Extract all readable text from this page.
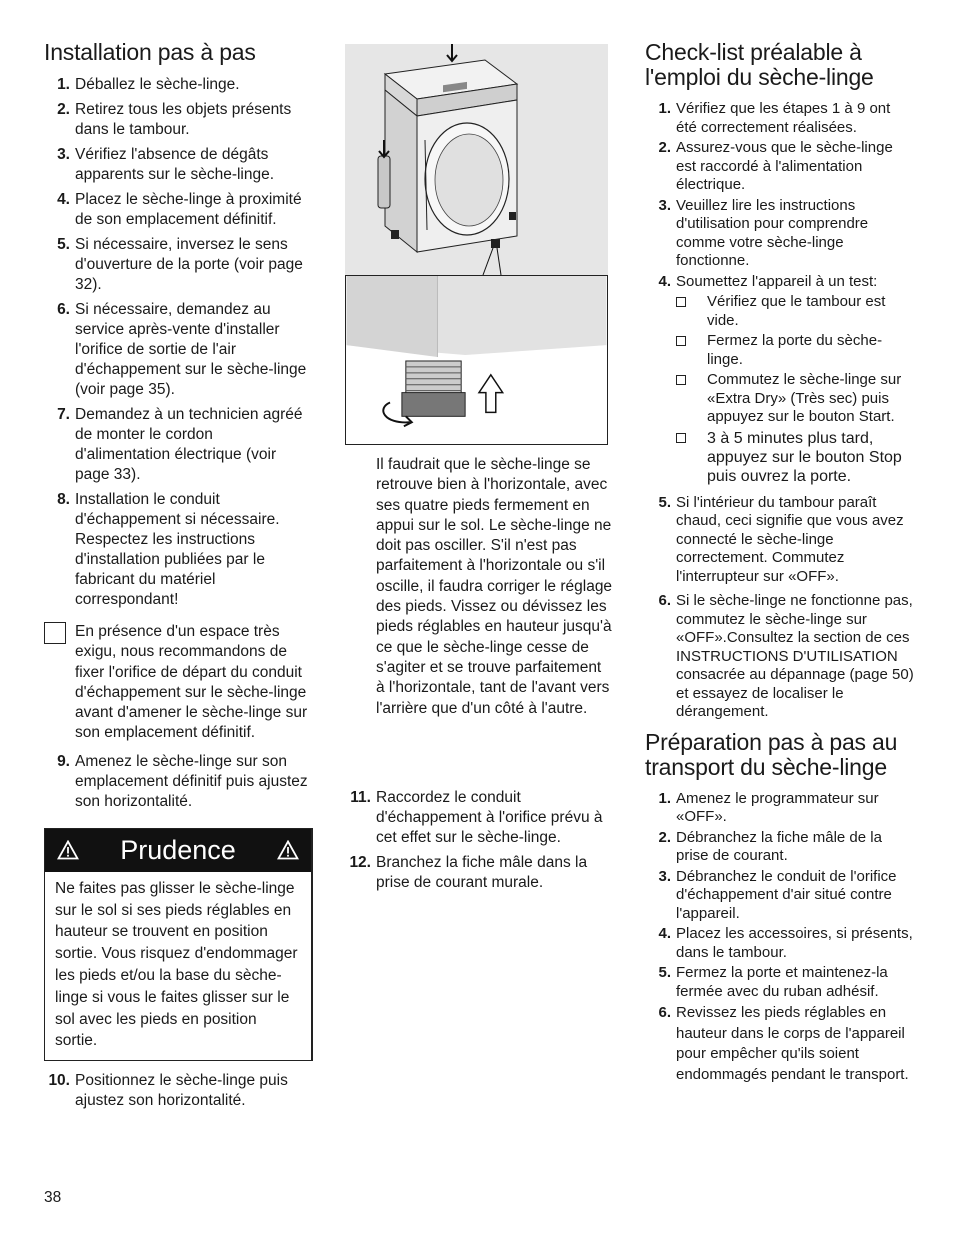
Installation pas à pas
1. Déballez le sèche-linge.
2. Retirez tous les objets présents dans le tambour.
3. Vérifiez l'absence de dégâts apparents sur le sèche-linge.
4. Placez le sèche-linge à proximité de son emplacement définitif.
5. Si nécessaire, inversez le sens d'ouverture de la porte (voir page 32).
6. Si nécessaire, demandez au service après-vente d'installer l'orifice de sortie de l'air d'échappement sur le sèche-linge (voir page 35).
7. Demandez à un technicien agréé de monter le cordon d'alimentation électrique (voir page 33).
8. Installation le conduit d'échappement si nécessaire. Respectez les instructions d'installation publiées par le fabricant du matériel correspondant!
En présence d'un espace très exigu, nous recommandons de fixer l'orifice de départ du conduit d'échappement sur le sèche-linge avant d'amener le sèche-linge sur son emplacement définitif.
9. Amenez le sèche-linge sur son emplacement définitif puis ajustez son horizontalité.
Prudence
Ne faites pas glisser le sèche-linge sur le sol si ses pieds réglables en hauteur se trouvent en position sortie. Vous risquez d'endommager les pieds et/ou la base du sèche-linge si vous le faites glisser sur le sol avec les pieds en position sortie.
10. Positionnez le sèche-linge puis ajustez son horizontalité.
Il faudrait que le sèche-linge se retrouve bien à l'horizontale, avec ses quatre pieds fermement en appui sur le sol. Le sèche-linge ne doit pas osciller. S'il n'est pas parfaitement à l'horizontale ou s'il oscille, il faudra corriger le réglage des pieds. Vissez ou dévissez les pieds réglables en hauteur jusqu'à ce que le sèche-linge cesse de s'agiter et se trouve parfaitement à l'horizontale, tant de l'avant vers l'arrière que d'un côté à l'autre.
11. Raccordez le conduit d'échappement à l'orifice prévu à cet effet sur le sèche-linge.
12. Branchez la fiche mâle dans la prise de courant murale.
Check-list préalable à l'emploi du sèche-linge
1. Vérifiez que les étapes 1 à 9 ont été correctement réalisées.
2. Assurez-vous que le sèche-linge est raccordé à l'alimentation électrique.
3. Veuillez lire les instructions d'utilisation pour comprendre comme votre sèche-linge fonctionne.
4. Soumettez l'appareil à un test:
Vérifiez que le tambour est vide.
Fermez la porte du sèche-linge.
Commutez le sèche-linge sur «Extra Dry» (Très sec) puis appuyez sur le bouton Start.
3 à 5 minutes plus tard, appuyez sur le bouton Stop puis ouvrez la porte.
5. Si l'intérieur du tambour paraît chaud, ceci signifie que vous avez connecté le sèche-linge correctement. Commutez l'interrupteur sur «OFF».
6. Si le sèche-linge ne fonctionne pas, commutez le sèche-linge sur «OFF».Consultez la section de ces INSTRUCTIONS D'UTILISATION consacrée au dépannage (page 50) et essayez de localiser le dérangement.
Préparation pas à pas au transport du sèche-linge
1. Amenez le programmateur sur «OFF».
2. Débranchez la fiche mâle de la prise de courant.
3. Débranchez le conduit de l'orifice d'échappement d'air situé contre l'appareil.
4. Placez les accessoires, si présents, dans le tambour.
5. Fermez la porte et maintenez-la fermée avec du ruban adhésif.
6. Revissez les pieds réglables en hauteur dans le corps de l'appareil pour empêcher qu'ils soient endommagés pendant le transport.
38
